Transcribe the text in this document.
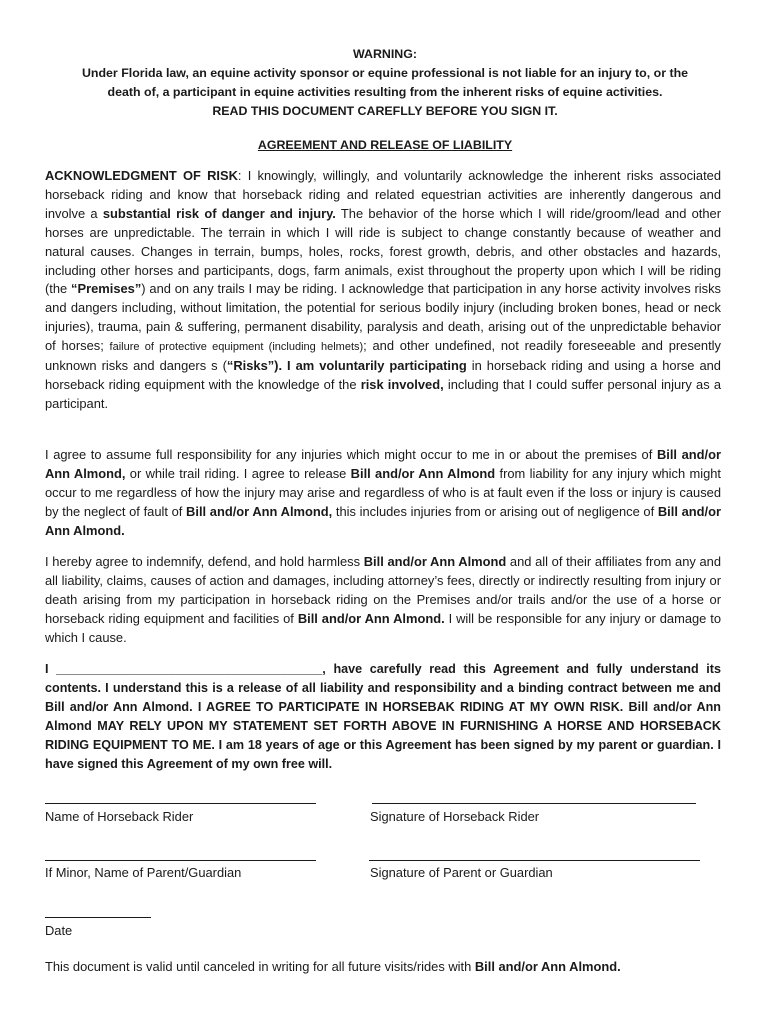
WARNING:

Under Florida law, an equine activity sponsor or equine professional is not liable for an injury to, or the

death of, a participant in equine activities resulting from the inherent risks of equine activities.

READ THIS DOCUMENT CAREFLLY BEFORE YOU SIGN IT.

AGREEMENT AND RELEASE OF LIABILITY

ACKNOWLEDGMENT OF RISK: I knowingly, willingly, and voluntarily acknowledge the inherent risks associated horseback riding and know that horseback riding and related equestrian activities are inherently dangerous and involve a substantial risk of danger and injury. The behavior of the horse which I will ride/groom/lead and other horses are unpredictable. The terrain in which I will ride is subject to change constantly because of weather and natural causes. Changes in terrain, bumps, holes, rocks, forest growth, debris, and other obstacles and hazards, including other horses and participants, dogs, farm animals, exist throughout the property upon which I will be riding (the “Premises”) and on any trails I may be riding. I acknowledge that participation in any horse activity involves risks and dangers including, without limitation, the potential for serious bodily injury (including broken bones, head or neck injuries), trauma, pain & suffering, permanent disability, paralysis and death, arising out of the unpredictable behavior of horses; failure of protective equipment (including helmets); and other undefined, not readily foreseeable and presently unknown risks and dangers s (“Risks”). I am voluntarily participating in horseback riding and using a horse and horseback riding equipment with the knowledge of the risk involved, including that I could suffer personal injury as a participant.

I agree to assume full responsibility for any injuries which might occur to me in or about the premises of Bill and/or Ann Almond, or while trail riding. I agree to release Bill and/or Ann Almond from liability for any injury which might occur to me regardless of how the injury may arise and regardless of who is at fault even if the loss or injury is caused by the neglect of fault of Bill and/or Ann Almond, this includes injuries from or arising out of negligence of Bill and/or Ann Almond.

I hereby agree to indemnify, defend, and hold harmless Bill and/or Ann Almond and all of their affiliates from any and all liability, claims, causes of action and damages, including attorney’s fees, directly or indirectly resulting from injury or death arising from my participation in horseback riding on the Premises and/or trails and/or the use of a horse or horseback riding equipment and facilities of Bill and/or Ann Almond. I will be responsible for any injury or damage to which I cause.

I ______________________________________, have carefully read this Agreement and fully understand its contents. I understand this is a release of all liability and responsibility and a binding contract between me and Bill and/or Ann Almond. I AGREE TO PARTICIPATE IN HORSEBAK RIDING AT MY OWN RISK. Bill and/or Ann Almond MAY RELY UPON MY STATEMENT SET FORTH ABOVE IN FURNISHING A HORSE AND HORSEBACK RIDING EQUIPMENT TO ME. I am 18 years of age or this Agreement has been signed by my parent or guardian. I have signed this Agreement of my own free will.

Name of Horseback Rider	Signature of Horseback Rider
If Minor, Name of Parent/Guardian	Signature of Parent or Guardian
Date
This document is valid until canceled in writing for all future visits/rides with Bill and/or Ann Almond.
